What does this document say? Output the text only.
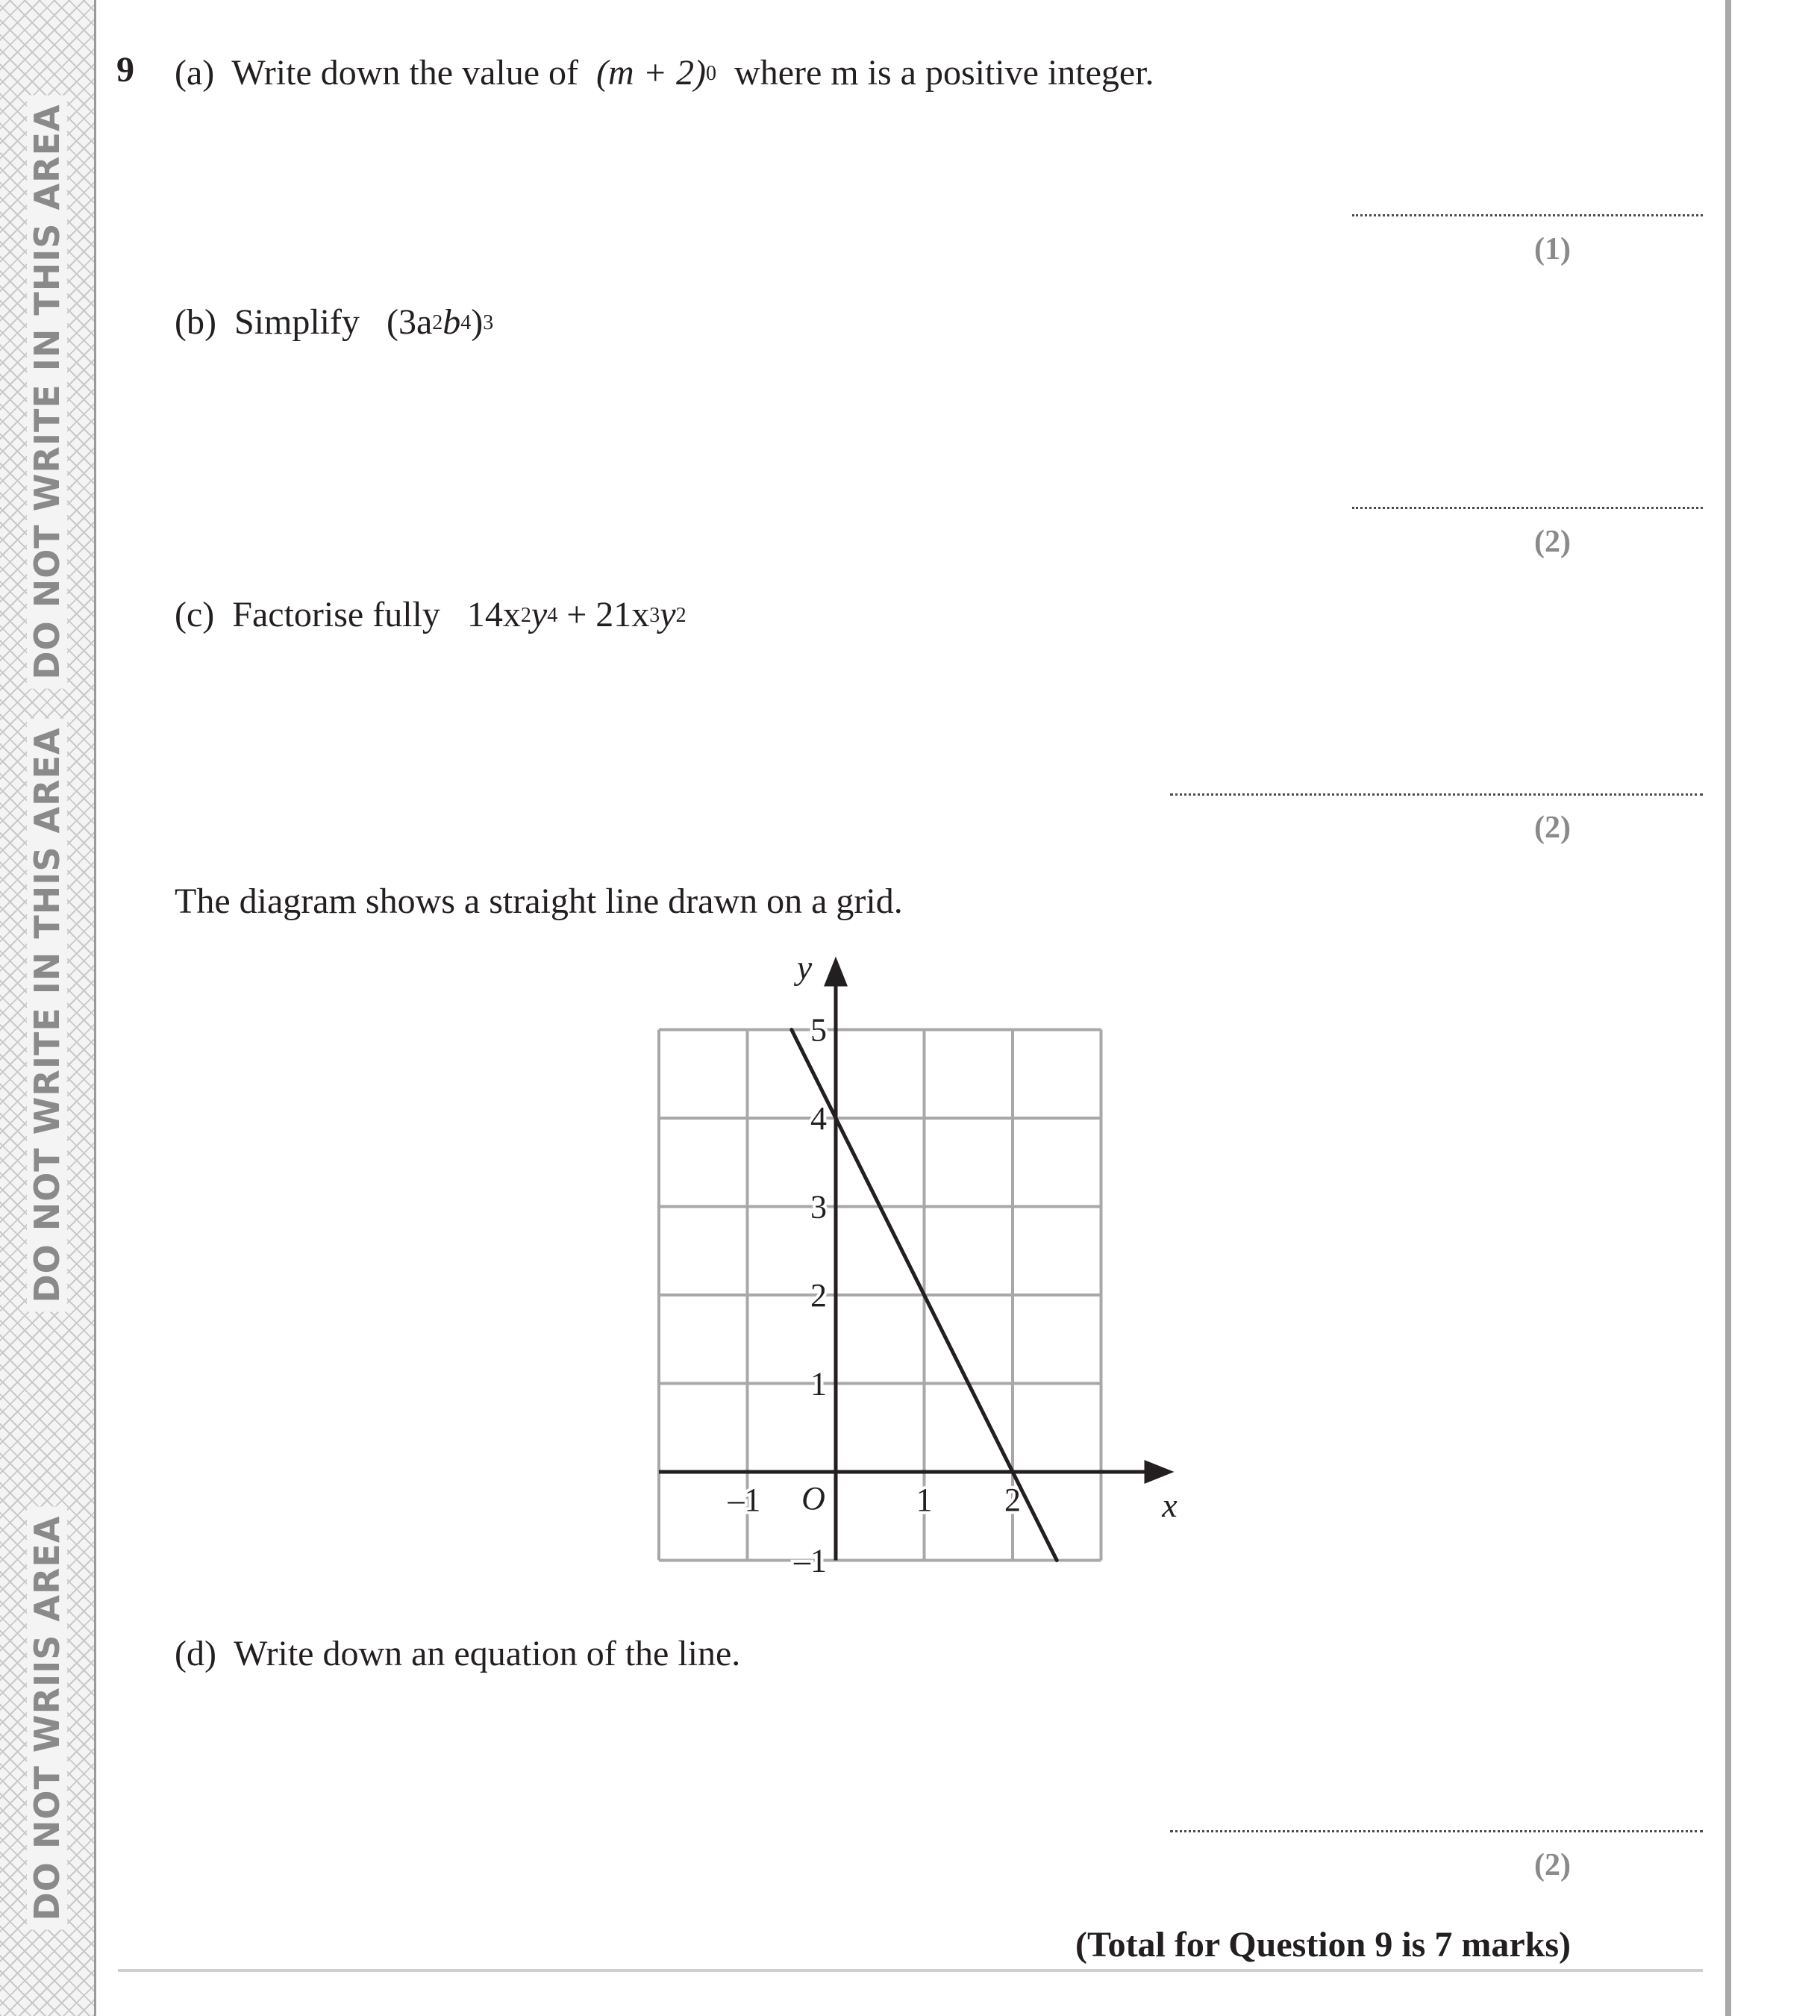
DO NOT WRITE IN THIS AREA
DO NOT WRITE IN THIS AREA
DO NOT WRIIS AREA
9 (a) Write down the value of $(m + 2)^0$ where m is a positive integer.
(1)
(b) Simplify $(3a^2b^4)^3$
(2)
(c) Factorise fully $14x^2y^4 + 21x^3y^2$
(2)
The diagram shows a straight line drawn on a grid.
x
y
O
–1	1 2
–1
1
2
3
4
5
(d) Write down an equation of the line.
(2)
(Total for Question 9 is 7 marks)
